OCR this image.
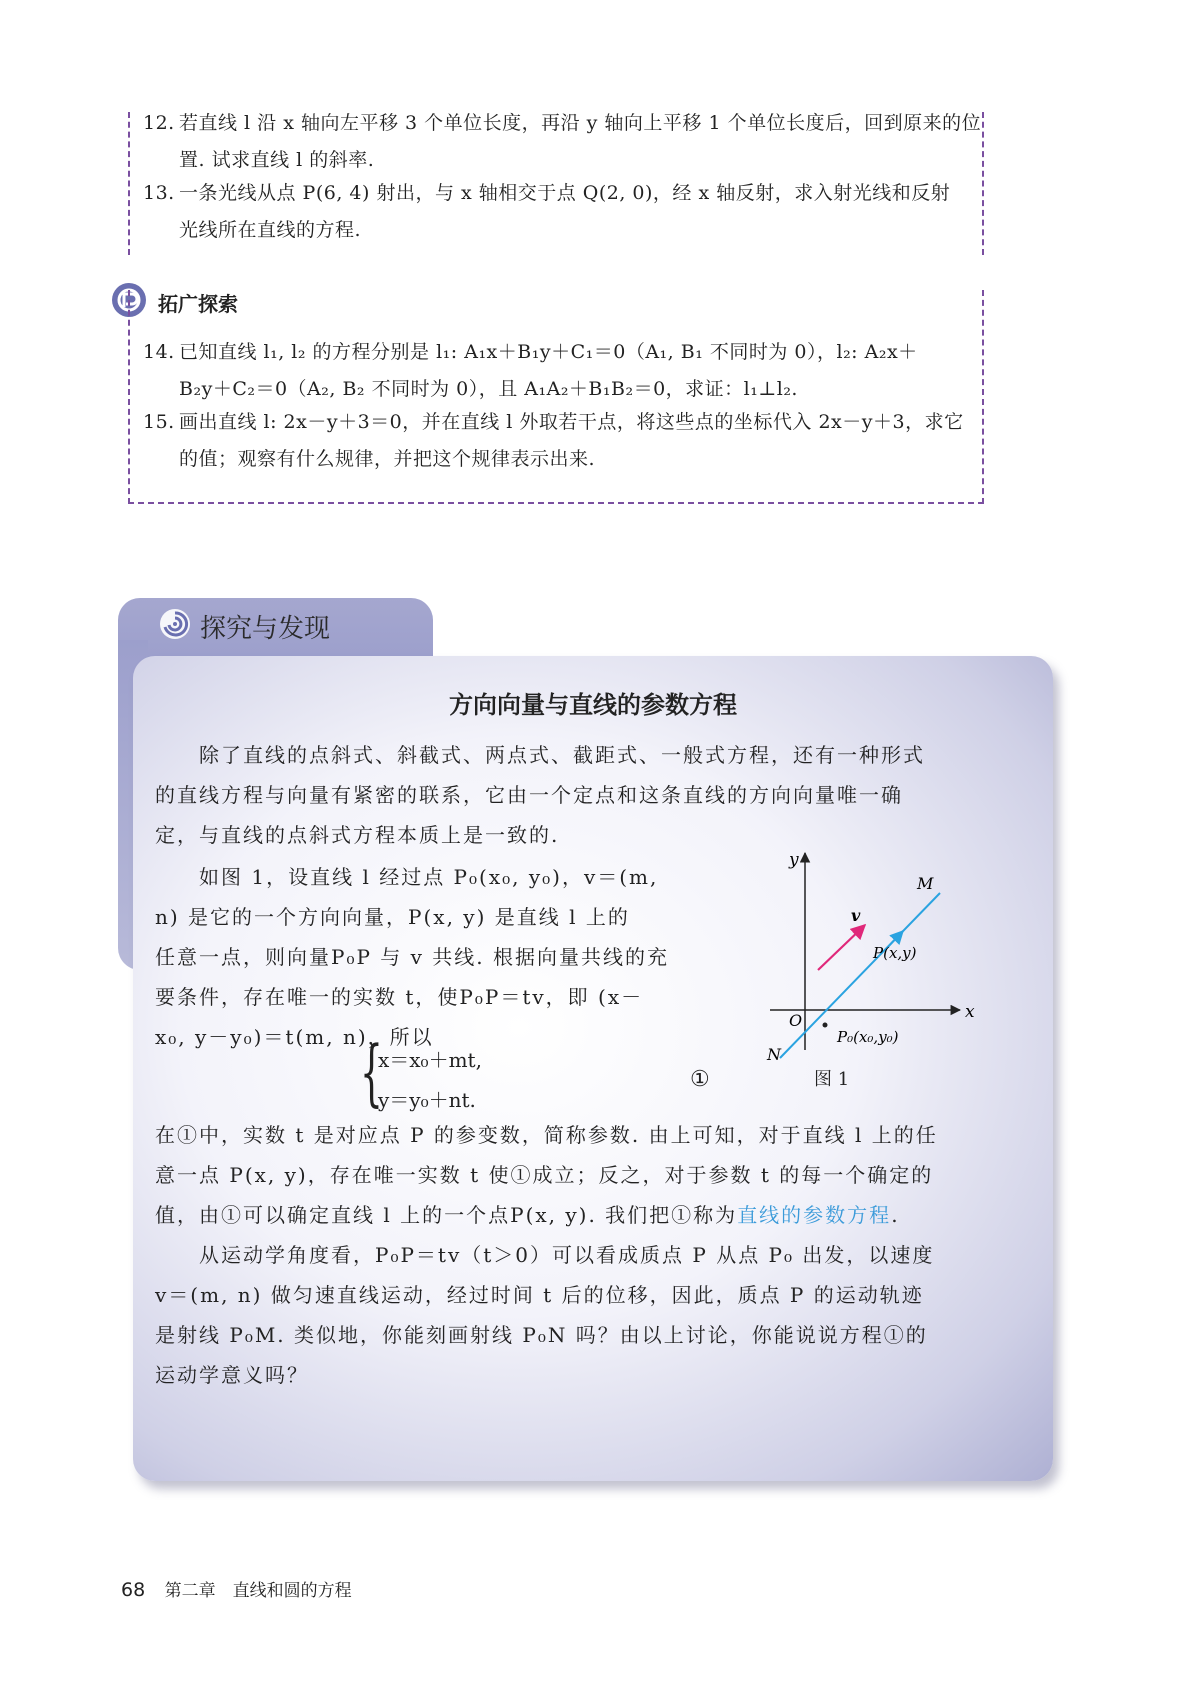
12. 若直线 l 沿 x 轴向左平移 3 个单位长度，再沿 y 轴向上平移 1 个单位长度后，回到原来的位
置. 试求直线 l 的斜率.
13. 一条光线从点 P(6, 4) 射出，与 x 轴相交于点 Q(2, 0)，经 x 轴反射，求入射光线和反射
光线所在直线的方程.
拓广探索
14. 已知直线 l₁, l₂ 的方程分别是 l₁: A₁x＋B₁y＋C₁＝0（A₁, B₁ 不同时为 0），l₂: A₂x＋
B₂y＋C₂＝0（A₂, B₂ 不同时为 0），且 A₁A₂＋B₁B₂＝0，求证：l₁⊥l₂.
15. 画出直线 l: 2x－y＋3＝0，并在直线 l 外取若干点，将这些点的坐标代入 2x－y＋3，求它
的值；观察有什么规律，并把这个规律表示出来.
探究与发现
方向向量与直线的参数方程
除了直线的点斜式、斜截式、两点式、截距式、一般式方程，还有一种形式
的直线方程与向量有紧密的联系，它由一个定点和这条直线的方向向量唯一确
定，与直线的点斜式方程本质上是一致的.
如图 1，设直线 l 经过点 P₀(x₀, y₀)，v＝(m,
n) 是它的一个方向向量，P(x, y) 是直线 l 上的
任意一点，则向量P₀P 与 v 共线. 根据向量共线的充
要条件，存在唯一的实数 t，使P₀P＝tv，即 (x－
x₀, y－y₀)＝t(m, n)，所以
{
x＝x₀＋mt,
y＝y₀＋nt.
①
y
x
O
v
M
N
P(x,y)
P₀(x₀,y₀)
图 1
在①中，实数 t 是对应点 P 的参变数，简称参数. 由上可知，对于直线 l 上的任
意一点 P(x, y)，存在唯一实数 t 使①成立；反之，对于参数 t 的每一个确定的
值，由①可以确定直线 l 上的一个点P(x, y). 我们把①称为直线的参数方程.
从运动学角度看，P₀P＝tv（t＞0）可以看成质点 P 从点 P₀ 出发，以速度
v＝(m, n) 做匀速直线运动，经过时间 t 后的位移，因此，质点 P 的运动轨迹
是射线 P₀M. 类似地，你能刻画射线 P₀N 吗？由以上讨论，你能说说方程①的
运动学意义吗？
68 第二章　直线和圆的方程
